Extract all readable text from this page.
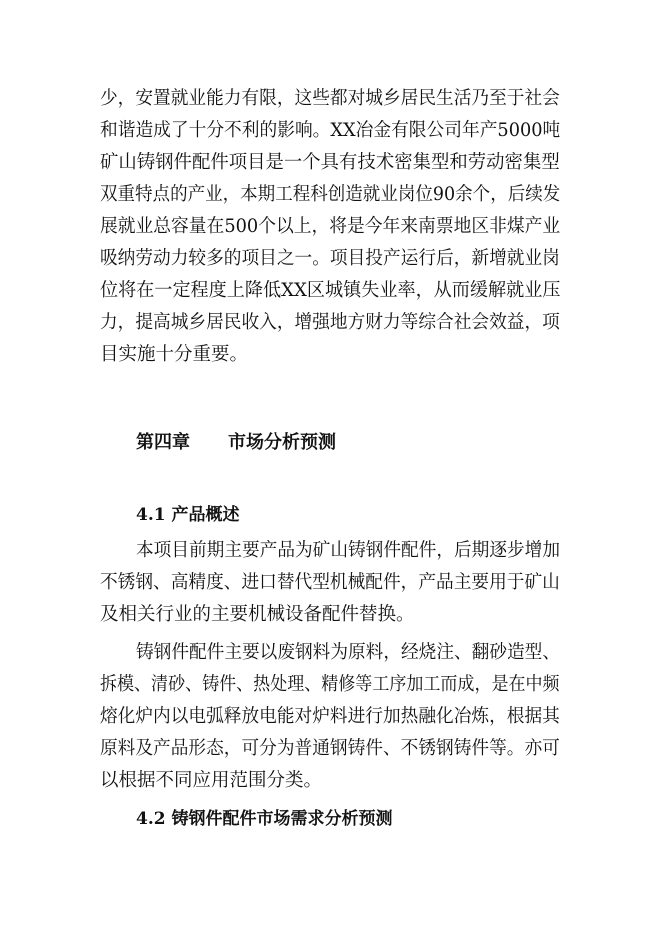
少，安置就业能力有限，这些都对城乡居民生活乃至于社会
和谐造成了十分不利的影响。XX冶金有限公司年产5000吨
矿山铸钢件配件项目是一个具有技术密集型和劳动密集型
双重特点的产业，本期工程科创造就业岗位90余个，后续发
展就业总容量在500个以上，将是今年来南票地区非煤产业
吸纳劳动力较多的项目之一。项目投产运行后，新增就业岗
位将在一定程度上降低XX区城镇失业率，从而缓解就业压
力，提高城乡居民收入，增强地方财力等综合社会效益，项
目实施十分重要。
第四章 市场分析预测
4.1 产品概述
本项目前期主要产品为矿山铸钢件配件，后期逐步增加
不锈钢、高精度、进口替代型机械配件，产品主要用于矿山
及相关行业的主要机械设备配件替换。
铸钢件配件主要以废钢料为原料，经烧注、翻砂造型、
拆模、清砂、铸件、热处理、精修等工序加工而成，是在中频
熔化炉内以电弧释放电能对炉料进行加热融化冶炼，根据其
原料及产品形态，可分为普通钢铸件、不锈钢铸件等。亦可
以根据不同应用范围分类。
4.2 铸钢件配件市场需求分析预测
